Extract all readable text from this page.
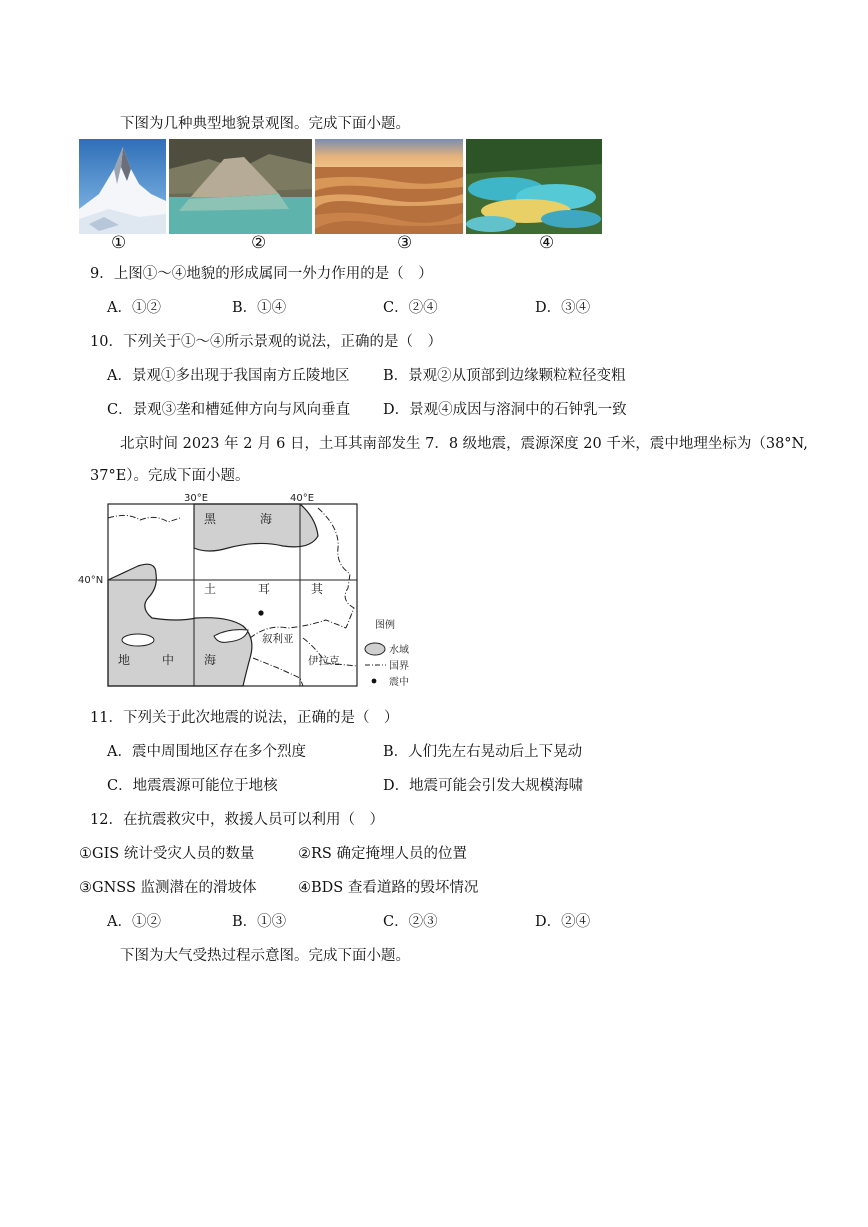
下图为几种典型地貌景观图。完成下面小题。
①	②	③	④
9．上图①～④地貌的形成属同一外力作用的是（　）
A．①②	B．①④	C．②④	D．③④
10．下列关于①～④所示景观的说法，正确的是（　）
A．景观①多出现于我国南方丘陵地区 B．景观②从顶部到边缘颗粒粒径变粗
C．景观③垄和槽延伸方向与风向垂直 D．景观④成因与溶洞中的石钟乳一致
北京时间 2023 年 2 月 6 日，土耳其南部发生 7．8 级地震，震源深度 20 千米，震中地理坐标为（38°N,
37°E）。完成下面小题。
30°E	40°E
40°N
黑	海
土	耳	其
地	中 海
叙利亚
伊拉克
图例
水域
国界
震中
11．下列关于此次地震的说法，正确的是（　）
A．震中周围地区存在多个烈度	B．人们先左右晃动后上下晃动
C．地震震源可能位于地核	D．地震可能会引发大规模海啸
12．在抗震救灾中，救援人员可以利用（　）
①GIS 统计受灾人员的数量	②RS 确定掩埋人员的位置
③GNSS 监测潜在的滑坡体	④BDS 查看道路的毁坏情况
A．①②	B．①③	C．②③	D．②④
下图为大气受热过程示意图。完成下面小题。
